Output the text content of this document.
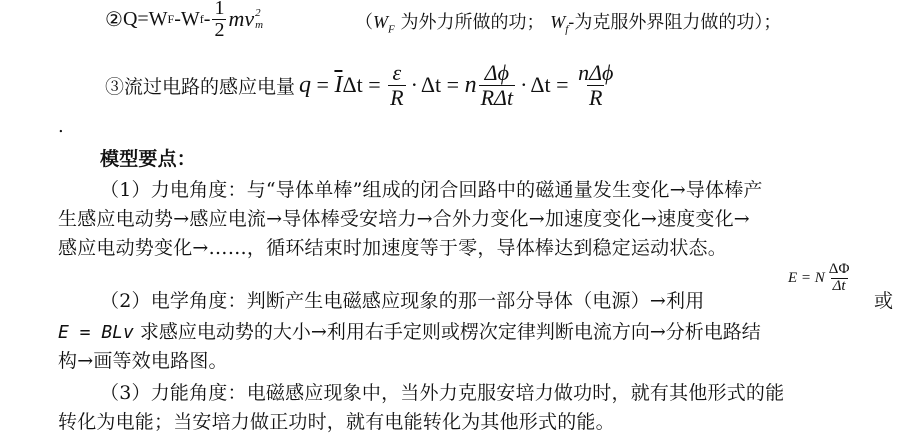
② Q=W F -W f - $\frac{1}{2}$ mv 2
m	（$W_F$ 为外力所做的功； $W_f-$为克服外界阻力做的功）；
③流过电路的感应电量 $q = \overline{I}$ $\Delta t = \frac{\varepsilon}{R} \cdot \Delta t = n \frac{\Delta\phi}{\text{RΔt}} \cdot \Delta t = \frac{\text{nΔϕ}}{R}$
.
模型要点：
（1）力电角度：与“导体单棒”组成的闭合回路中的磁通量发生变化→导体棒产
生感应电动势→感应电流→导体棒受安培力→合外力变化→加速度变化→速度变化→
感应电动势变化→……，循环结束时加速度等于零，导体棒达到稳定运动状态。
（2）电学角度：判断产生电磁感应现象的那一部分导体（电源）→利用
E = N $\frac{\Delta\Phi}{\Delta t}$
或
E = BLv 求感应电动势的大小→利用右手定则或楞次定律判断电流方向→分析电路结
构→画等效电路图。
（3）力能角度：电磁感应现象中，当外力克服安培力做功时，就有其他形式的能
转化为电能；当安培力做正功时，就有电能转化为其他形式的能。
